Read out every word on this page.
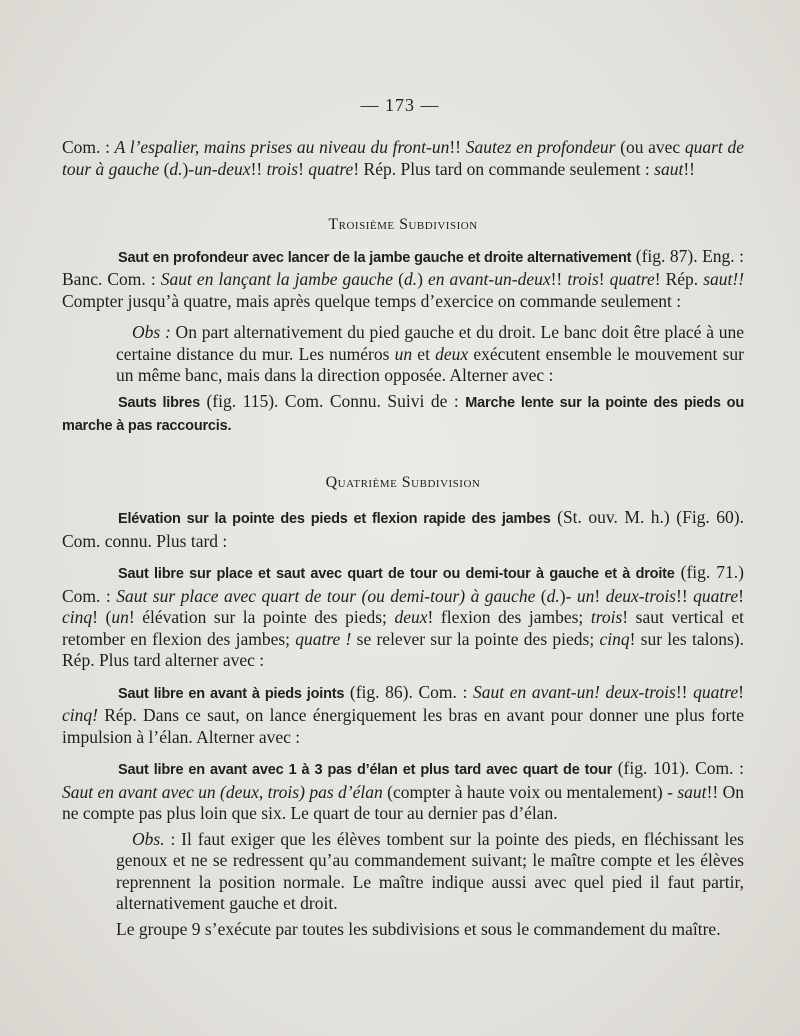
— 173 —

Com. : A l’espalier, mains prises au niveau du front-un!! Sautez en profondeur (ou avec quart de tour à gauche (d.)-un-deux!! trois! quatre! Rép. Plus tard on commande seulement : saut!!

Troisième Subdivision

Saut en profondeur avec lancer de la jambe gauche et droite alternativement (fig. 87). Eng. : Banc. Com. : Saut en lançant la jambe gauche (d.) en avant-un-deux!! trois! quatre! Rép. saut!! Compter jusqu’à quatre, mais après quelque temps d’exercice on commande seulement :

Obs : On part alternativement du pied gauche et du droit. Le banc doit être placé à une certaine distance du mur. Les numéros un et deux exécutent ensemble le mouvement sur un même banc, mais dans la direction opposée. Alterner avec :

Sauts libres (fig. 115). Com. Connu. Suivi de : Marche lente sur la pointe des pieds ou marche à pas raccourcis.

Quatrième Subdivision

Elévation sur la pointe des pieds et flexion rapide des jambes (St. ouv. M. h.) (Fig. 60). Com. connu. Plus tard :

Saut libre sur place et saut avec quart de tour ou demi-tour à gauche et à droite (fig. 71.) Com. : Saut sur place avec quart de tour (ou demi-tour) à gauche (d.)- un! deux-trois!! quatre! cinq! (un! élévation sur la pointe des pieds; deux! flexion des jambes; trois! saut vertical et retomber en flexion des jambes; quatre ! se relever sur la pointe des pieds; cinq! sur les talons). Rép. Plus tard alterner avec :

Saut libre en avant à pieds joints (fig. 86). Com. : Saut en avant-un! deux-trois!! quatre! cinq! Rép. Dans ce saut, on lance énergiquement les bras en avant pour donner une plus forte impulsion à l’élan. Alterner avec :

Saut libre en avant avec 1 à 3 pas d’élan et plus tard avec quart de tour (fig. 101). Com. : Saut en avant avec un (deux, trois) pas d’élan (compter à haute voix ou mentalement) - saut!! On ne compte pas plus loin que six. Le quart de tour au dernier pas d’élan.

Obs. : Il faut exiger que les élèves tombent sur la pointe des pieds, en fléchissant les genoux et ne se redressent qu’au commandement suivant; le maître compte et les élèves reprennent la position normale. Le maître indique aussi avec quel pied il faut partir, alternativement gauche et droit.

Le groupe 9 s’exécute par toutes les subdivisions et sous le commandement du maître.
